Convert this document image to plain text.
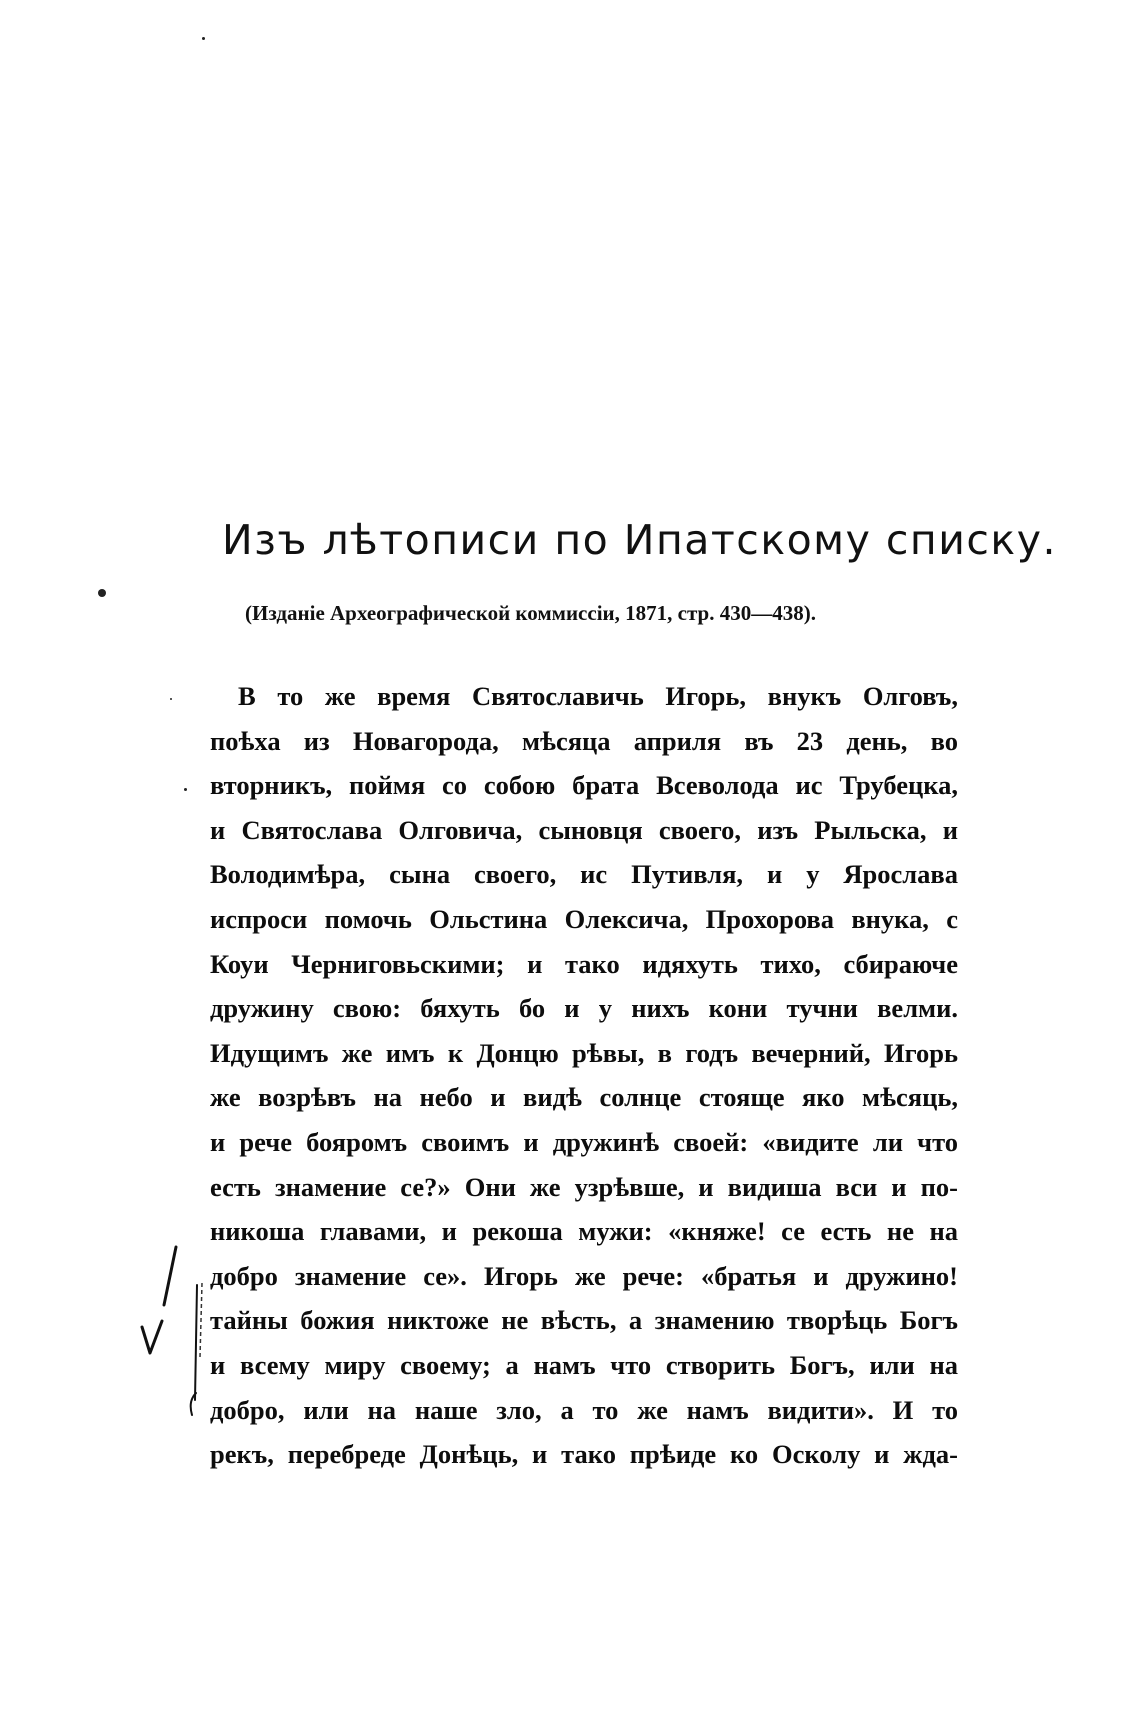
Изъ лѣтописи по Ипатскому списку.
(Изданіе Археографической коммиссіи, 1871, стр. 430—438).
В то же время Святославичь Игорь, внукъ Олговъ,
поѣха из Новагорода, мѣсяца априля въ 23 день, во
вторникъ, поймя со собою брата Всеволода ис Трубецка,
и Святослава Олговича, сыновця своего, изъ Рыльска, и
Володимѣра, сына своего, ис Путивля, и у Ярослава
испроси помочь Ольстина Олексича, Прохорова внука, с
Коуи Черниговьскими; и тако идяхуть тихо, сбираюче
дружину свою: бяхуть бо и у нихъ кони тучни велми.
Идущимъ же имъ к Донцю рѣвы, в годъ вечерний, Игорь
же возрѣвъ на небо и видѣ солнце стояще яко мѣсяць,
и рече бояромъ своимъ и дружинѣ своей: «видите ли что
есть знамение се?» Они же узрѣвше, и видиша вси и по-
никоша главами, и рекоша мужи: «княже! се есть не на
добро знамение се». Игорь же рече: «братья и дружино!
тайны божия никтоже не вѣсть, а знамению творѣць Богъ
и всему миру своему; а намъ что створить Богъ, или на
добро, или на наше зло, а то же намъ видити». И то
рекъ, перебреде Донѣць, и тако прѣиде ко Осколу и жда-
